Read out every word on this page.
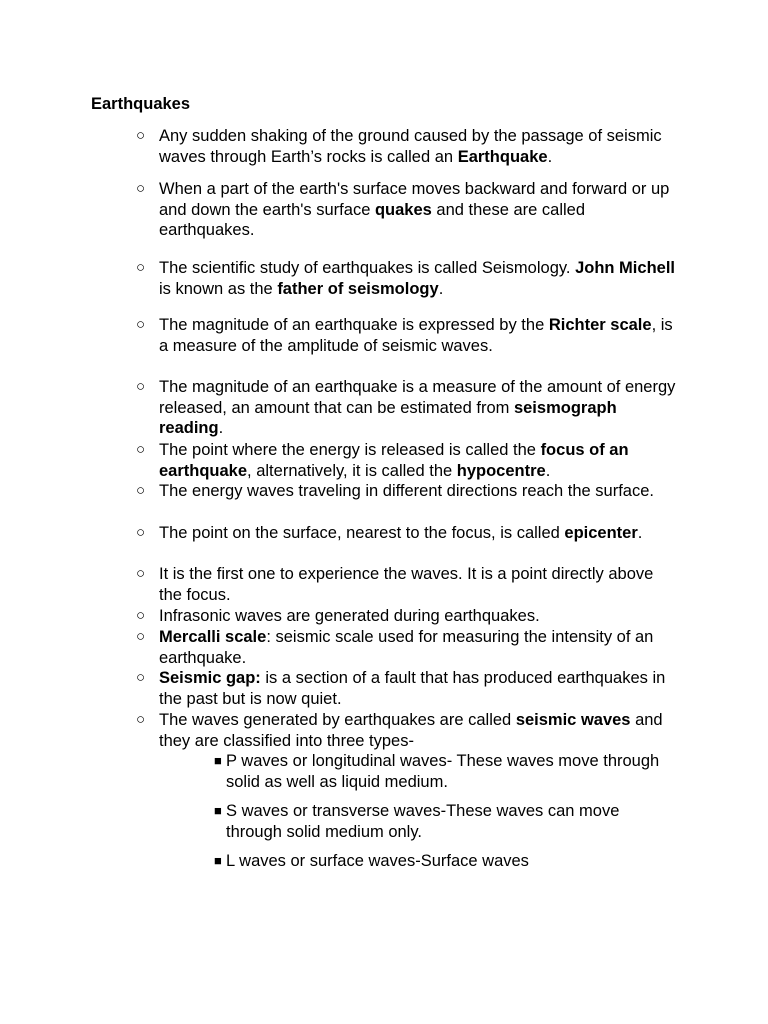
Earthquakes
○ Any sudden shaking of the ground caused by the passage of seismic waves through Earth’s rocks is called an Earthquake.
○ When a part of the earth's surface moves backward and forward or up and down the earth's surface quakes and these are called earthquakes.
○ The scientific study of earthquakes is called Seismology. John Michell is known as the father of seismology.
○ The magnitude of an earthquake is expressed by the Richter scale, is a measure of the amplitude of seismic waves.
○ The magnitude of an earthquake is a measure of the amount of energy released, an amount that can be estimated from seismograph reading.
○ The point where the energy is released is called the focus of an earthquake, alternatively, it is called the hypocentre.
○ The energy waves traveling in different directions reach the surface.
○ The point on the surface, nearest to the focus, is called epicenter.
○ It is the first one to experience the waves. It is a point directly above the focus.
○ Infrasonic waves are generated during earthquakes.
○ Mercalli scale: seismic scale used for measuring the intensity of an earthquake.
○ Seismic gap: is a section of a fault that has produced earthquakes in the past but is now quiet.
○ The waves generated by earthquakes are called seismic waves and they are classified into three types-
■ P waves or longitudinal waves- These waves move through solid as well as liquid medium.
■ S waves or transverse waves-These waves can move through solid medium only.
■ L waves or surface waves-Surface waves
